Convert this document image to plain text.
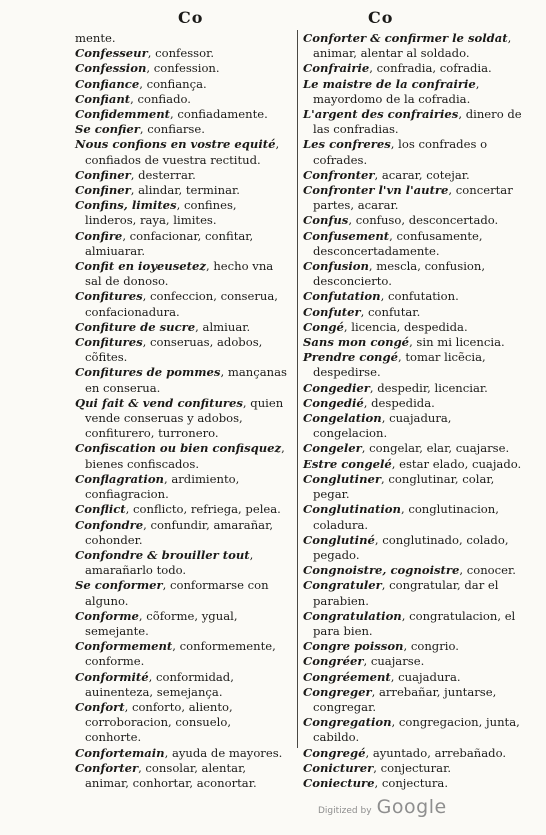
Co	Co

mente.

Confesseur, confessor.

Confession, confession.

Confiance, confiança.

Confiant, confiado.

Confidemment, confiadamente.

Se confier, confiarse.

Nous confions en vostre equité, confiados de vuestra rectitud.

Confiner, desterrar.

Confiner, alindar, terminar.

Confins, limites, confines, linderos, raya, limites.

Confire, confacionar, confitar, almiuarar.

Confit en ioyeusetez, hecho vna sal de donoso.

Confitures, confeccion, conserua, confacionadura.

Confiture de sucre, almiuar.

Confitures, conseruas, adobos, cõfites.

Confitures de pommes, mançanas en conserua.

Qui fait & vend confitures, quien vende conseruas y adobos, confiturero, turronero.

Confiscation ou bien confisquez, bienes confiscados.

Conflagration, ardimiento, confiagracion.

Conflict, conflicto, refriega, pelea.

Confondre, confundir, amarañar, cohonder.

Confondre & brouiller tout, amarañarlo todo.

Se conformer, conformarse con alguno.

Conforme, cõforme, ygual, semejante.

Conformement, conformemente, conforme.

Conformité, conformidad, auinenteza, semejança.

Confort, conforto, aliento, corroboracion, consuelo, conhorte.

Confortemain, ayuda de mayores.

Conforter, consolar, alentar, animar, conhortar, aconortar.

Conforter & confirmer le soldat, animar, alentar al soldado.

Confrairie, confradia, cofradia.

Le maistre de la confrairie, mayordomo de la cofradia.

L'argent des confrairies, dinero de las confradias.

Les confreres, los confrades o cofrades.

Confronter, acarar, cotejar.

Confronter l'vn l'autre, concertar partes, acarar.

Confus, confuso, desconcertado.

Confusement, confusamente, desconcertadamente.

Confusion, mescla, confusion, desconcierto.

Confutation, confutation.

Confuter, confutar.

Congé, licencia, despedida.

Sans mon congé, sin mi licencia.

Prendre congé, tomar licẽcia, despedirse.

Congedier, despedir, licenciar.

Congedié, despedida.

Congelation, cuajadura, congelacion.

Congeler, congelar, elar, cuajarse.

Estre congelé, estar elado, cuajado.

Conglutiner, conglutinar, colar, pegar.

Conglutination, conglutinacion, coladura.

Conglutiné, conglutinado, colado, pegado.

Congnoistre, cognoistre, conocer.

Congratuler, congratular, dar el parabien.

Congratulation, congratulacion, el para bien.

Congre poisson, congrio.

Congréer, cuajarse.

Congréement, cuajadura.

Congreger, arrebañar, juntarse, congregar.

Congregation, congregacion, junta, cabildo.

Congregé, ayuntado, arrebañado.

Conicturer, conjecturar.

Coniecture, conjectura.

Digitized by Google
